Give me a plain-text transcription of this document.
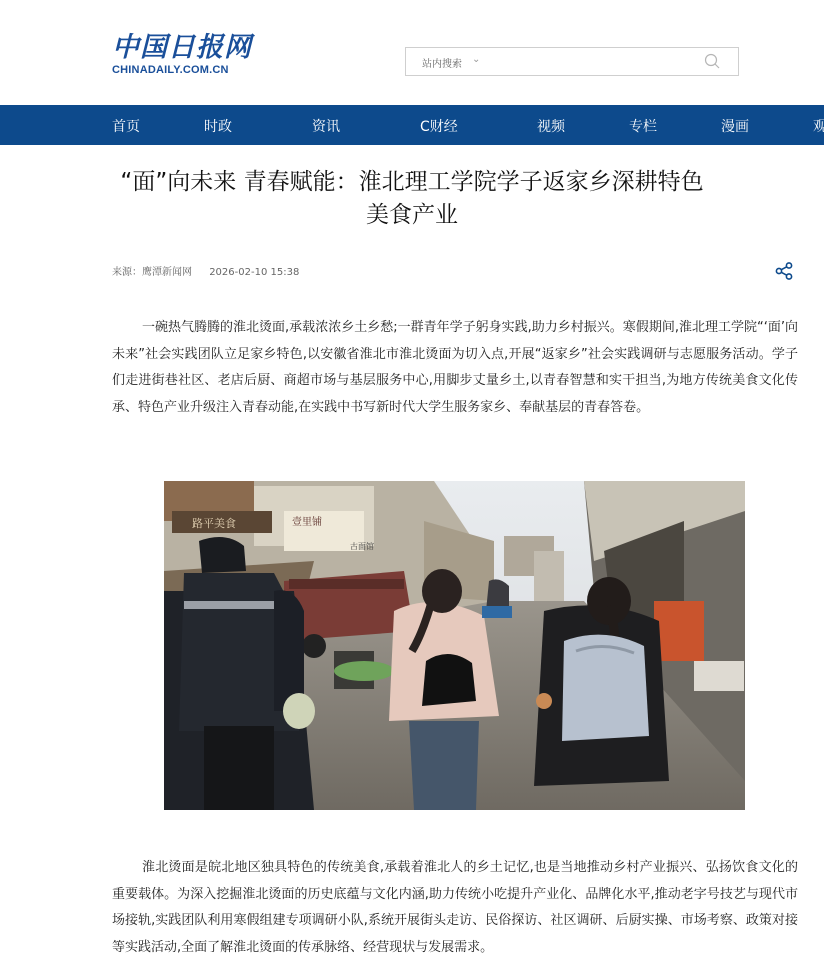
中国日报网
CHINADAILY.COM.CN	站内搜索 ⌄
首页	时政	资讯	C财经	视频	专栏	漫画	观
“面”向未来 青春赋能：淮北理工学院学子返家乡深耕特色美食产业
来源：鹰潭新闻网 2026-02-10 15:38

一碗热气腾腾的淮北烫面,承载浓浓乡土乡愁;一群青年学子躬身实践,助力乡村振兴。寒假期间,淮北理工学院“‘面’向未来”社会实践团队立足家乡特色,以安徽省淮北市淮北烫面为切入点,开展“返家乡”社会实践调研与志愿服务活动。学子们走进街巷社区、老店后厨、商超市场与基层服务中心,用脚步丈量乡土,以青春智慧和实干担当,为地方传统美食文化传承、特色产业升级注入青春动能,在实践中书写新时代大学生服务家乡、奉献基层的青春答卷。

路平美食	壹里铺
古面馆

淮北烫面是皖北地区独具特色的传统美食,承载着淮北人的乡土记忆,也是当地推动乡村产业振兴、弘扬饮食文化的重要载体。为深入挖掘淮北烫面的历史底蕴与文化内涵,助力传统小吃提升产业化、品牌化水平,推动老字号技艺与现代市场接轨,实践团队利用寒假组建专项调研小队,系统开展街头走访、民俗探访、社区调研、后厨实操、市场考察、政策对接等实践活动,全面了解淮北烫面的传承脉络、经营现状与发展需求。
